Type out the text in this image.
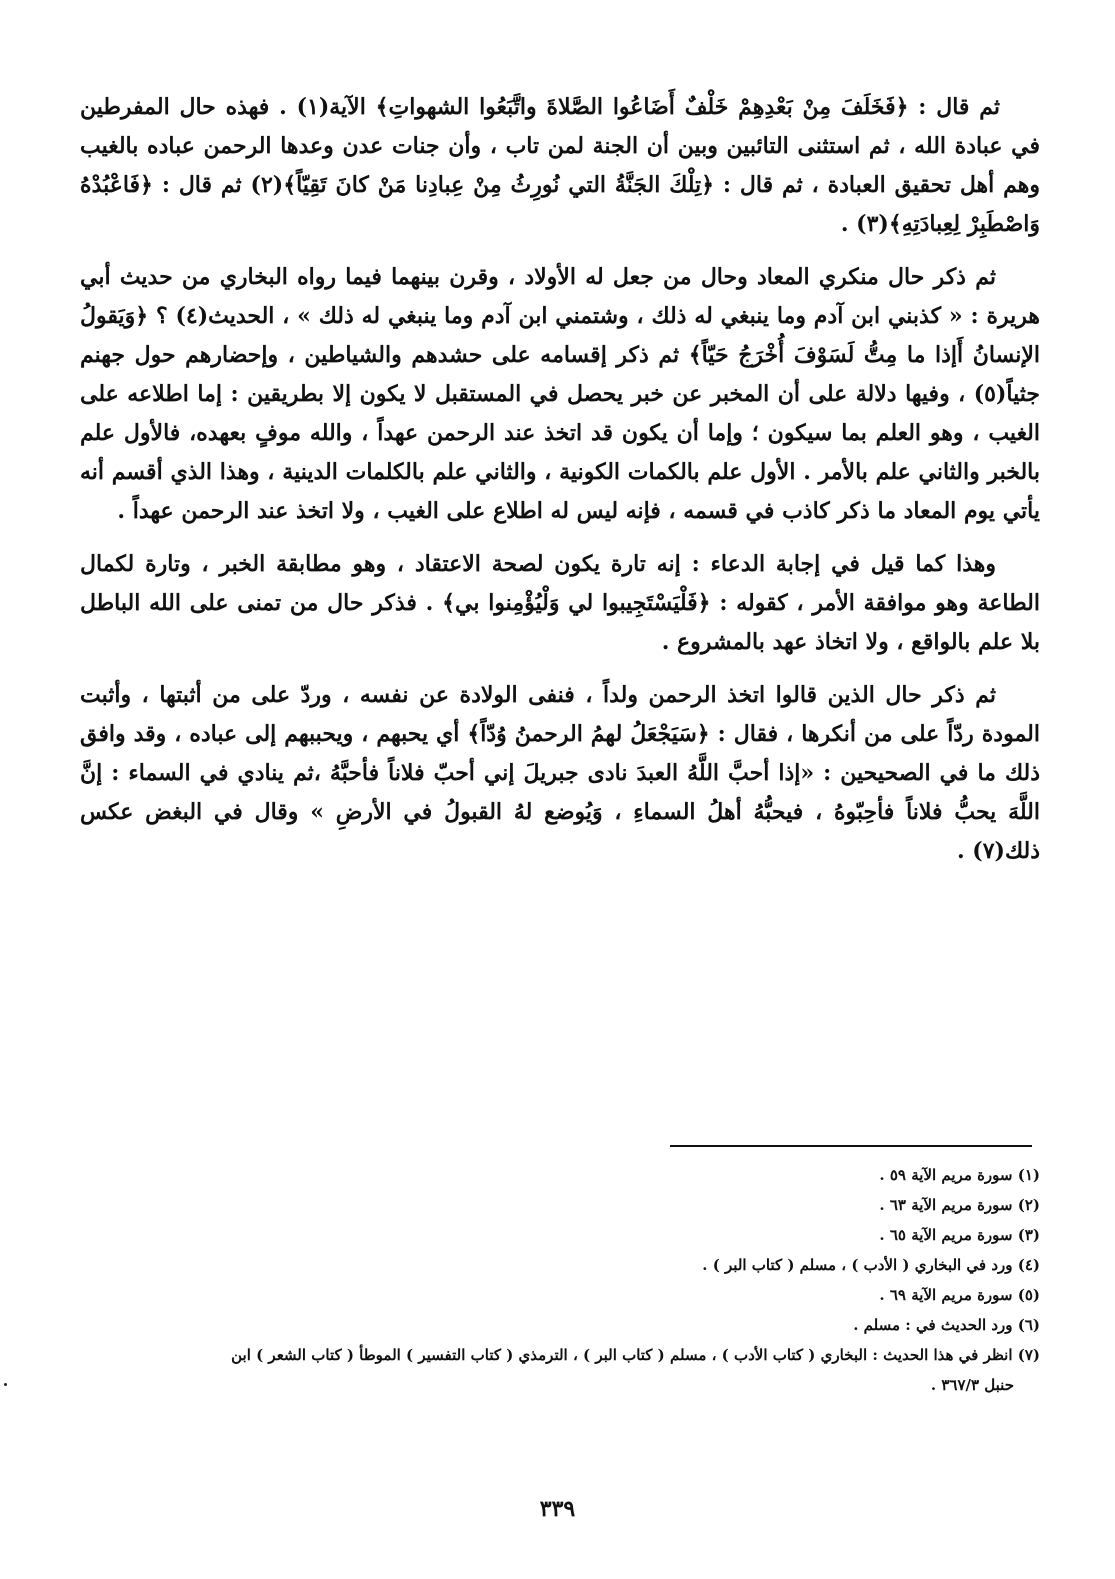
ثم قال : ﴿فَخَلَفَ مِنْ بَعْدِهِمْ خَلْفٌ أَضَاعُوا الصَّلاةَ واتَّبَعُوا الشهواتِ﴾ الآية(١) . فهذه حال المفرطين في عبادة الله ، ثم استثنى التائبين وبين أن الجنة لمن تاب ، وأن جنات عدن وعدها الرحمن عباده بالغيب وهم أهل تحقيق العبادة ، ثم قال : ﴿تِلْكَ الجَنَّةُ التي نُورِثُ مِنْ عِبادِنا مَنْ كانَ تَقِيّاً﴾(٢) ثم قال : ﴿فَاعْبُدْهُ وَاصْطَبِرْ لِعِبادَتِهِ﴾(٣) .

ثم ذكر حال منكري المعاد وحال من جعل له الأولاد ، وقرن بينهما فيما رواه البخاري من حديث أبي هريرة : « كذبني ابن آدم وما ينبغي له ذلك ، وشتمني ابن آدم وما ينبغي له ذلك » ، الحديث(٤) ؟ ﴿وَيَقولُ الإنسانُ أَإذا ما مِتُّ لَسَوْفَ أُخْرَجُ حَيّاً﴾ ثم ذكر إقسامه على حشدهم والشياطين ، وإحضارهم حول جهنم جثياً(٥) ، وفيها دلالة على أن المخبر عن خبر يحصل في المستقبل لا يكون إلا بطريقين : إما اطلاعه على الغيب ، وهو العلم بما سيكون ؛ وإما أن يكون قد اتخذ عند الرحمن عهداً ، والله موفٍ بعهده، فالأول علم بالخبر والثاني علم بالأمر . الأول علم بالكمات الكونية ، والثاني علم بالكلمات الدينية ، وهذا الذي أقسم أنه يأتي يوم المعاد ما ذكر كاذب في قسمه ، فإنه ليس له اطلاع على الغيب ، ولا اتخذ عند الرحمن عهداً .

وهذا كما قيل في إجابة الدعاء : إنه تارة يكون لصحة الاعتقاد ، وهو مطابقة الخبر ، وتارة لكمال الطاعة وهو موافقة الأمر ، كقوله : ﴿فَلْيَسْتَجِيبوا لي وَلْيُؤْمِنوا بي﴾ . فذكر حال من تمنى على الله الباطل بلا علم بالواقع ، ولا اتخاذ عهد بالمشروع .

ثم ذكر حال الذين قالوا اتخذ الرحمن ولداً ، فنفى الولادة عن نفسه ، وردّ على من أثبتها ، وأثبت المودة ردّاً على من أنكرها ، فقال : ﴿سَيَجْعَلُ لهمُ الرحمنُ وُدّاً﴾ أي يحبهم ، ويحببهم إلى عباده ، وقد وافق ذلك ما في الصحيحين : «إذا أحبَّ اللَّهُ العبدَ نادى جبريلَ إني أحبّ فلاناً فأحبَّهُ ،ثم ينادي في السماء : إنَّ اللَّهَ يحبُّ فلاناً فأحِبّوهُ ، فيحبُّهُ أهلُ السماءِ ، وَيُوضع لهُ القبولُ في الأرضِ » وقال في البغض عكس ذلك(٧) .

(١) سورة مريم الآية ٥٩ .

(٢) سورة مريم الآية ٦٣ .

(٣) سورة مريم الآية ٦٥ .

(٤) ورد في البخاري ( الأدب ) ، مسلم ( كتاب البر ) .

(٥) سورة مريم الآية ٦٩ .

(٦) ورد الحديث في : مسلم .

(٧) انظر في هذا الحديث : البخاري ( كتاب الأدب ) ، مسلم ( كتاب البر ) ، الترمذي ( كتاب التفسير ) الموطأ ( كتاب الشعر ) ابن

حنبل ٣٦٧/٣ .

٣٣٩
